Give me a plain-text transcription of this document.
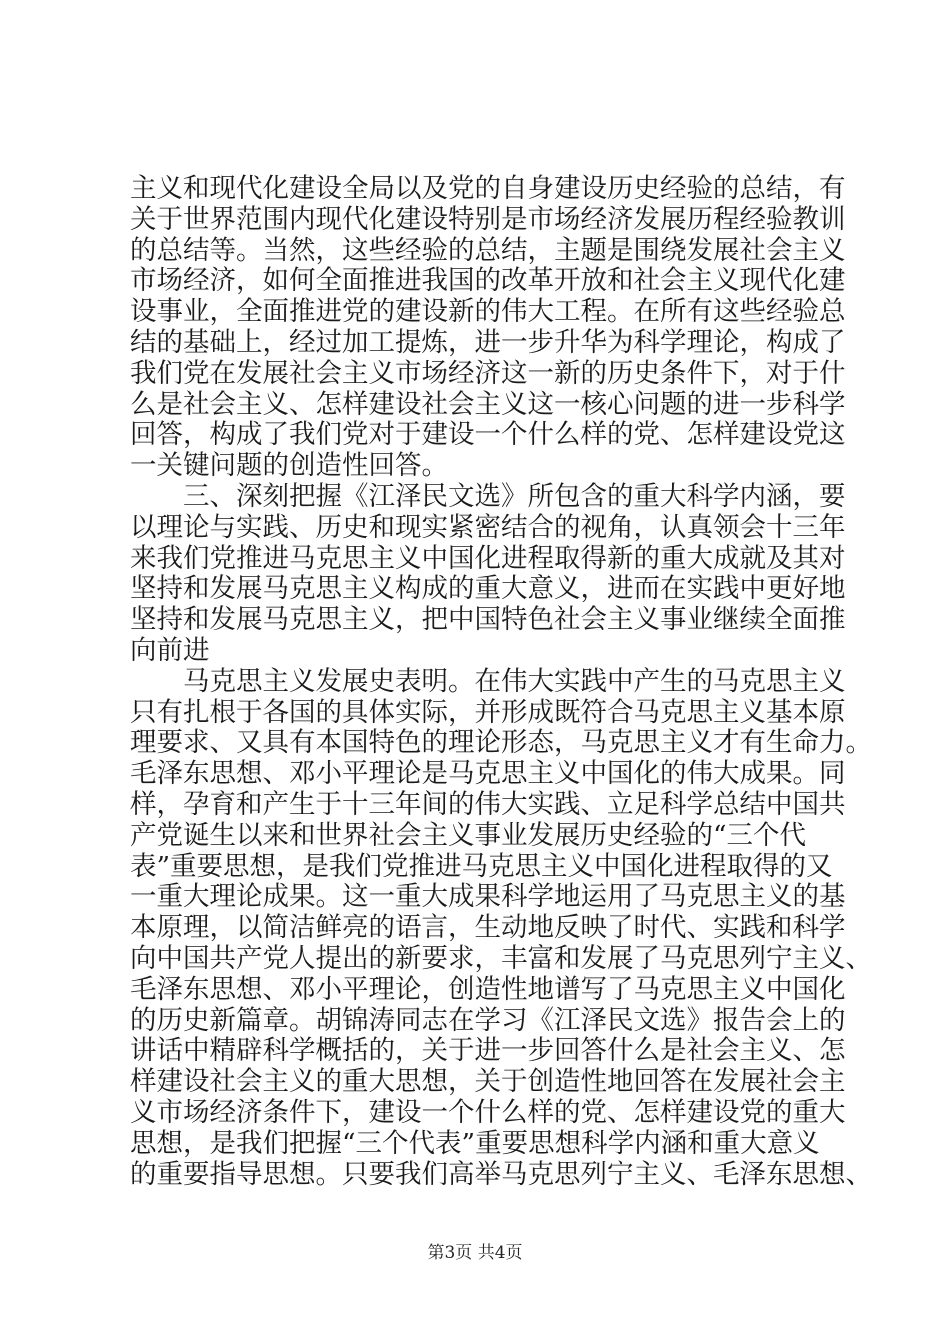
主义和现代化建设全局以及党的自身建设历史经验的总结，有
关于世界范围内现代化建设特别是市场经济发展历程经验教训
的总结等。当然，这些经验的总结，主题是围绕发展社会主义
市场经济，如何全面推进我国的改革开放和社会主义现代化建
设事业，全面推进党的建设新的伟大工程。在所有这些经验总
结的基础上，经过加工提炼，进一步升华为科学理论，构成了
我们党在发展社会主义市场经济这一新的历史条件下，对于什
么是社会主义、怎样建设社会主义这一核心问题的进一步科学
回答，构成了我们党对于建设一个什么样的党、怎样建设党这
一关键问题的创造性回答。
　　三、深刻把握《江泽民文选》所包含的重大科学内涵，要
以理论与实践、历史和现实紧密结合的视角，认真领会十三年
来我们党推进马克思主义中国化进程取得新的重大成就及其对
坚持和发展马克思主义构成的重大意义，进而在实践中更好地
坚持和发展马克思主义，把中国特色社会主义事业继续全面推
向前进
　　马克思主义发展史表明。在伟大实践中产生的马克思主义
只有扎根于各国的具体实际，并形成既符合马克思主义基本原
理要求、又具有本国特色的理论形态，马克思主义才有生命力。
毛泽东思想、邓小平理论是马克思主义中国化的伟大成果。同
样，孕育和产生于十三年间的伟大实践、立足科学总结中国共
产党诞生以来和世界社会主义事业发展历史经验的“三个代
表”重要思想，是我们党推进马克思主义中国化进程取得的又
一重大理论成果。这一重大成果科学地运用了马克思主义的基
本原理，以简洁鲜亮的语言，生动地反映了时代、实践和科学
向中国共产党人提出的新要求，丰富和发展了马克思列宁主义、
毛泽东思想、邓小平理论，创造性地谱写了马克思主义中国化
的历史新篇章。胡锦涛同志在学习《江泽民文选》报告会上的
讲话中精辟科学概括的，关于进一步回答什么是社会主义、怎
样建设社会主义的重大思想，关于创造性地回答在发展社会主
义市场经济条件下，建设一个什么样的党、怎样建设党的重大
思想，是我们把握“三个代表”重要思想科学内涵和重大意义
的重要指导思想。只要我们高举马克思列宁主义、毛泽东思想、
第3页 共4页
